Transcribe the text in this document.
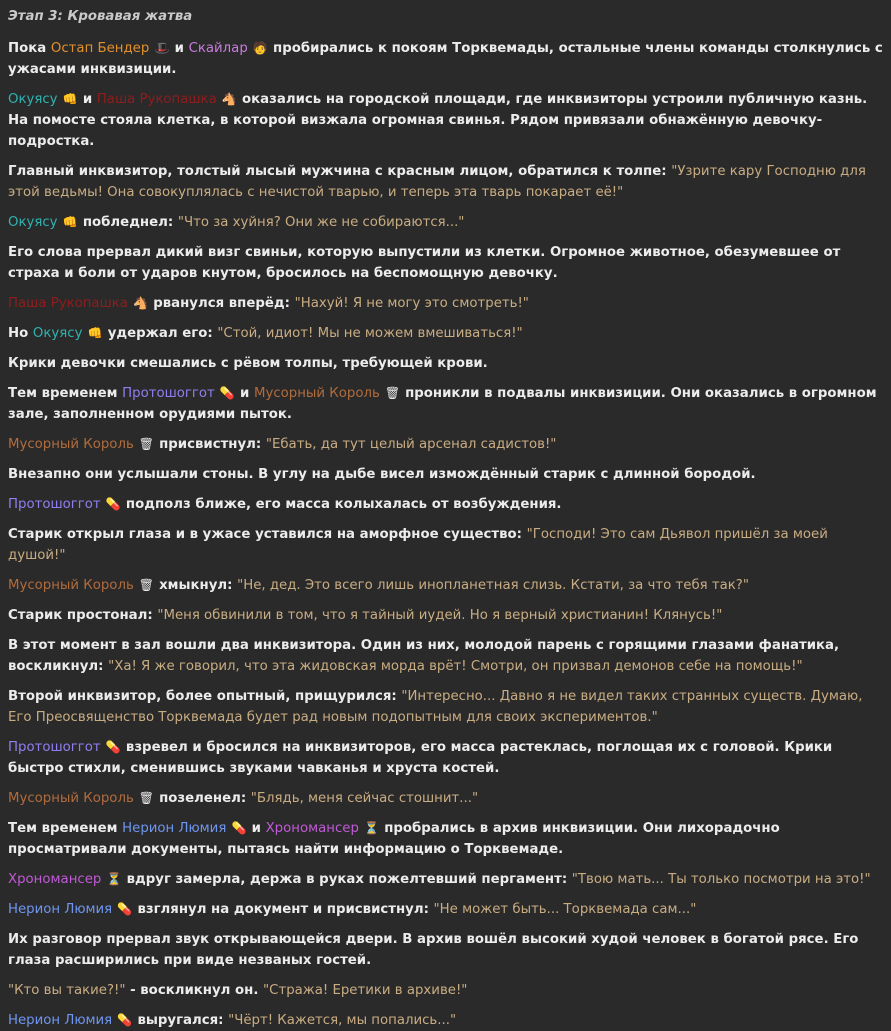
Этап 3: Кровавая жатва
Пока Остап Бендер 🎩 и Скайлар 🧑 пробирались к покоям Торквемады, остальные члены команды столкнулись с ужасами инквизиции.
Окуясу 👊 и Паша Рукопашка 🐴 оказались на городской площади, где инквизиторы устроили публичную казнь. На помосте стояла клетка, в которой визжала огромная свинья. Рядом привязали обнажённую девочку-подростка.
Главный инквизитор, толстый лысый мужчина с красным лицом, обратился к толпе: "Узрите кару Господню для этой ведьмы! Она совокуплялась с нечистой тварью, и теперь эта тварь покарает её!"
Окуясу 👊 побледнел: "Что за хуйня? Они же не собираются..."
Его слова прервал дикий визг свиньи, которую выпустили из клетки. Огромное животное, обезумевшее от страха и боли от ударов кнутом, бросилось на беспомощную девочку.
Паша Рукопашка 🐴 рванулся вперёд: "Нахуй! Я не могу это смотреть!"
Но Окуясу 👊 удержал его: "Стой, идиот! Мы не можем вмешиваться!"
Крики девочки смешались с рёвом толпы, требующей крови.
Тем временем Протошоггот 💊 и Мусорный Король 🗑 проникли в подвалы инквизиции. Они оказались в огромном зале, заполненном орудиями пыток.
Мусорный Король 🗑 присвистнул: "Ебать, да тут целый арсенал садистов!"
Внезапно они услышали стоны. В углу на дыбе висел измождённый старик с длинной бородой.
Протошоггот 💊 подполз ближе, его масса колыхалась от возбуждения.
Старик открыл глаза и в ужасе уставился на аморфное существо: "Господи! Это сам Дьявол пришёл за моей душой!"
Мусорный Король 🗑 хмыкнул: "Не, дед. Это всего лишь инопланетная слизь. Кстати, за что тебя так?"
Старик простонал: "Меня обвинили в том, что я тайный иудей. Но я верный христианин! Клянусь!"
В этот момент в зал вошли два инквизитора. Один из них, молодой парень с горящими глазами фанатика, воскликнул: "Ха! Я же говорил, что эта жидовская морда врёт! Смотри, он призвал демонов себе на помощь!"
Второй инквизитор, более опытный, прищурился: "Интересно... Давно я не видел таких странных существ. Думаю, Его Преосвященство Торквемада будет рад новым подопытным для своих экспериментов."
Протошоггот 💊 взревел и бросился на инквизиторов, его масса растеклась, поглощая их с головой. Крики быстро стихли, сменившись звуками чавканья и хруста костей.
Мусорный Король 🗑 позеленел: "Блядь, меня сейчас стошнит..."
Тем временем Нерион Люмия 💊 и Хрономансер ⏳ пробрались в архив инквизиции. Они лихорадочно просматривали документы, пытаясь найти информацию о Торквемаде.
Хрономансер ⏳ вдруг замерла, держа в руках пожелтевший пергамент: "Твою мать... Ты только посмотри на это!"
Нерион Люмия 💊 взглянул на документ и присвистнул: "Не может быть... Торквемада сам..."
Их разговор прервал звук открывающейся двери. В архив вошёл высокий худой человек в богатой рясе. Его глаза расширились при виде незваных гостей.
"Кто вы такие?!" - воскликнул он. "Стража! Еретики в архиве!"
Нерион Люмия 💊 выругался: "Чёрт! Кажется, мы попались..."
